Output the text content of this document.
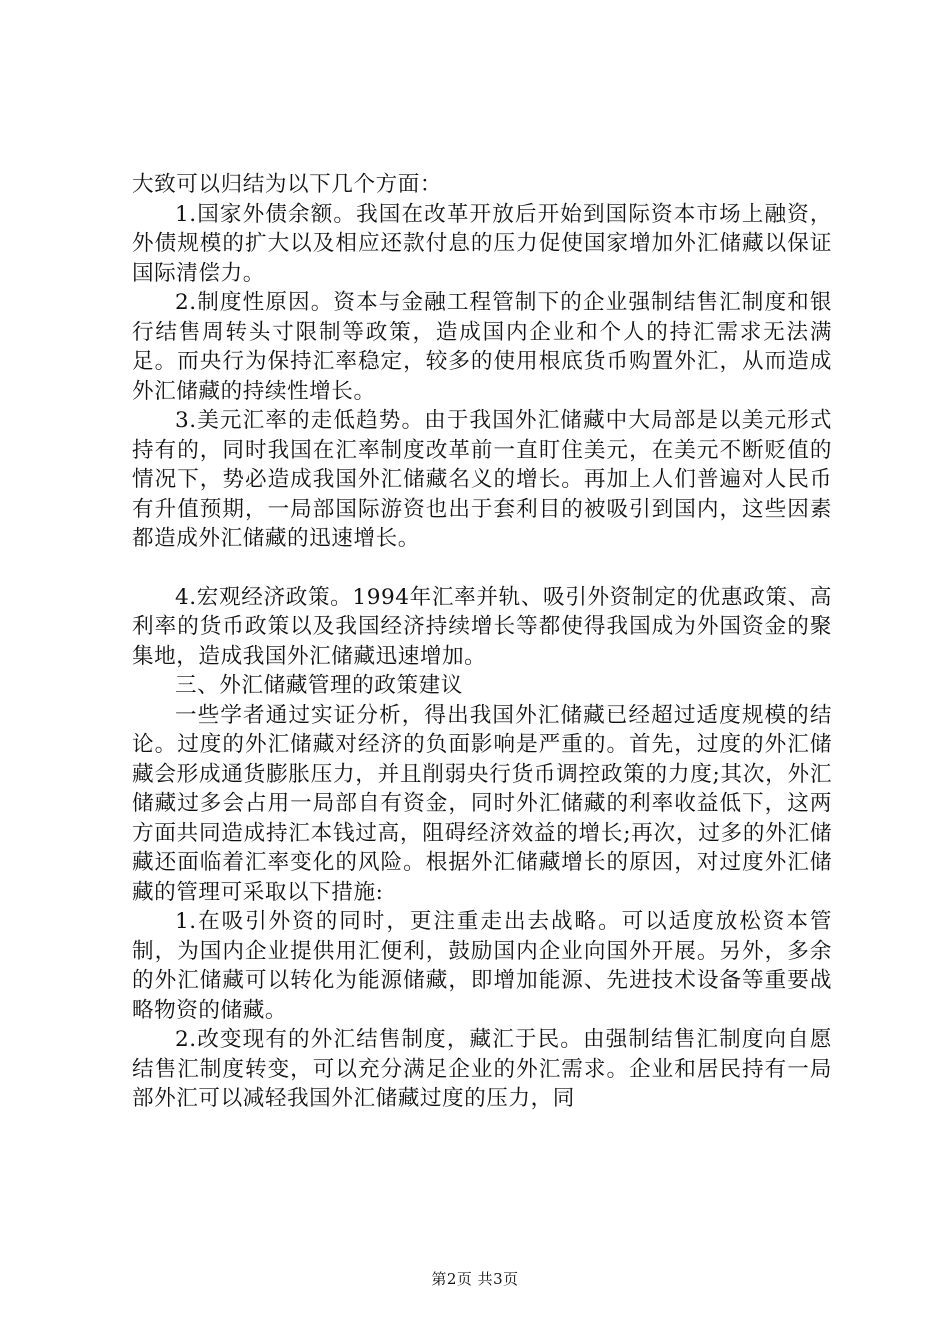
大致可以归结为以下几个方面：

1.国家外债余额。我国在改革开放后开始到国际资本市场上融资，外债规模的扩大以及相应还款付息的压力促使国家增加外汇储藏以保证国际清偿力。

2.制度性原因。资本与金融工程管制下的企业强制结售汇制度和银行结售周转头寸限制等政策，造成国内企业和个人的持汇需求无法满足。而央行为保持汇率稳定，较多的使用根底货币购置外汇，从而造成外汇储藏的持续性增长。

3.美元汇率的走低趋势。由于我国外汇储藏中大局部是以美元形式持有的，同时我国在汇率制度改革前一直盯住美元，在美元不断贬值的情况下，势必造成我国外汇储藏名义的增长。再加上人们普遍对人民币有升值预期，一局部国际游资也出于套利目的被吸引到国内，这些因素都造成外汇储藏的迅速增长。

4.宏观经济政策。1994年汇率并轨、吸引外资制定的优惠政策、高利率的货币政策以及我国经济持续增长等都使得我国成为外国资金的聚集地，造成我国外汇储藏迅速增加。

三、外汇储藏管理的政策建议

一些学者通过实证分析，得出我国外汇储藏已经超过适度规模的结论。过度的外汇储藏对经济的负面影响是严重的。首先，过度的外汇储藏会形成通货膨胀压力，并且削弱央行货币调控政策的力度;其次，外汇储藏过多会占用一局部自有资金，同时外汇储藏的利率收益低下，这两方面共同造成持汇本钱过高，阻碍经济效益的增长;再次，过多的外汇储藏还面临着汇率变化的风险。根据外汇储藏增长的原因，对过度外汇储藏的管理可采取以下措施:

1.在吸引外资的同时，更注重走出去战略。可以适度放松资本管制，为国内企业提供用汇便利，鼓励国内企业向国外开展。另外，多余的外汇储藏可以转化为能源储藏，即增加能源、先进技术设备等重要战略物资的储藏。

2.改变现有的外汇结售制度，藏汇于民。由强制结售汇制度向自愿结售汇制度转变，可以充分满足企业的外汇需求。企业和居民持有一局部外汇可以减轻我国外汇储藏过度的压力，同

第2页 共3页
